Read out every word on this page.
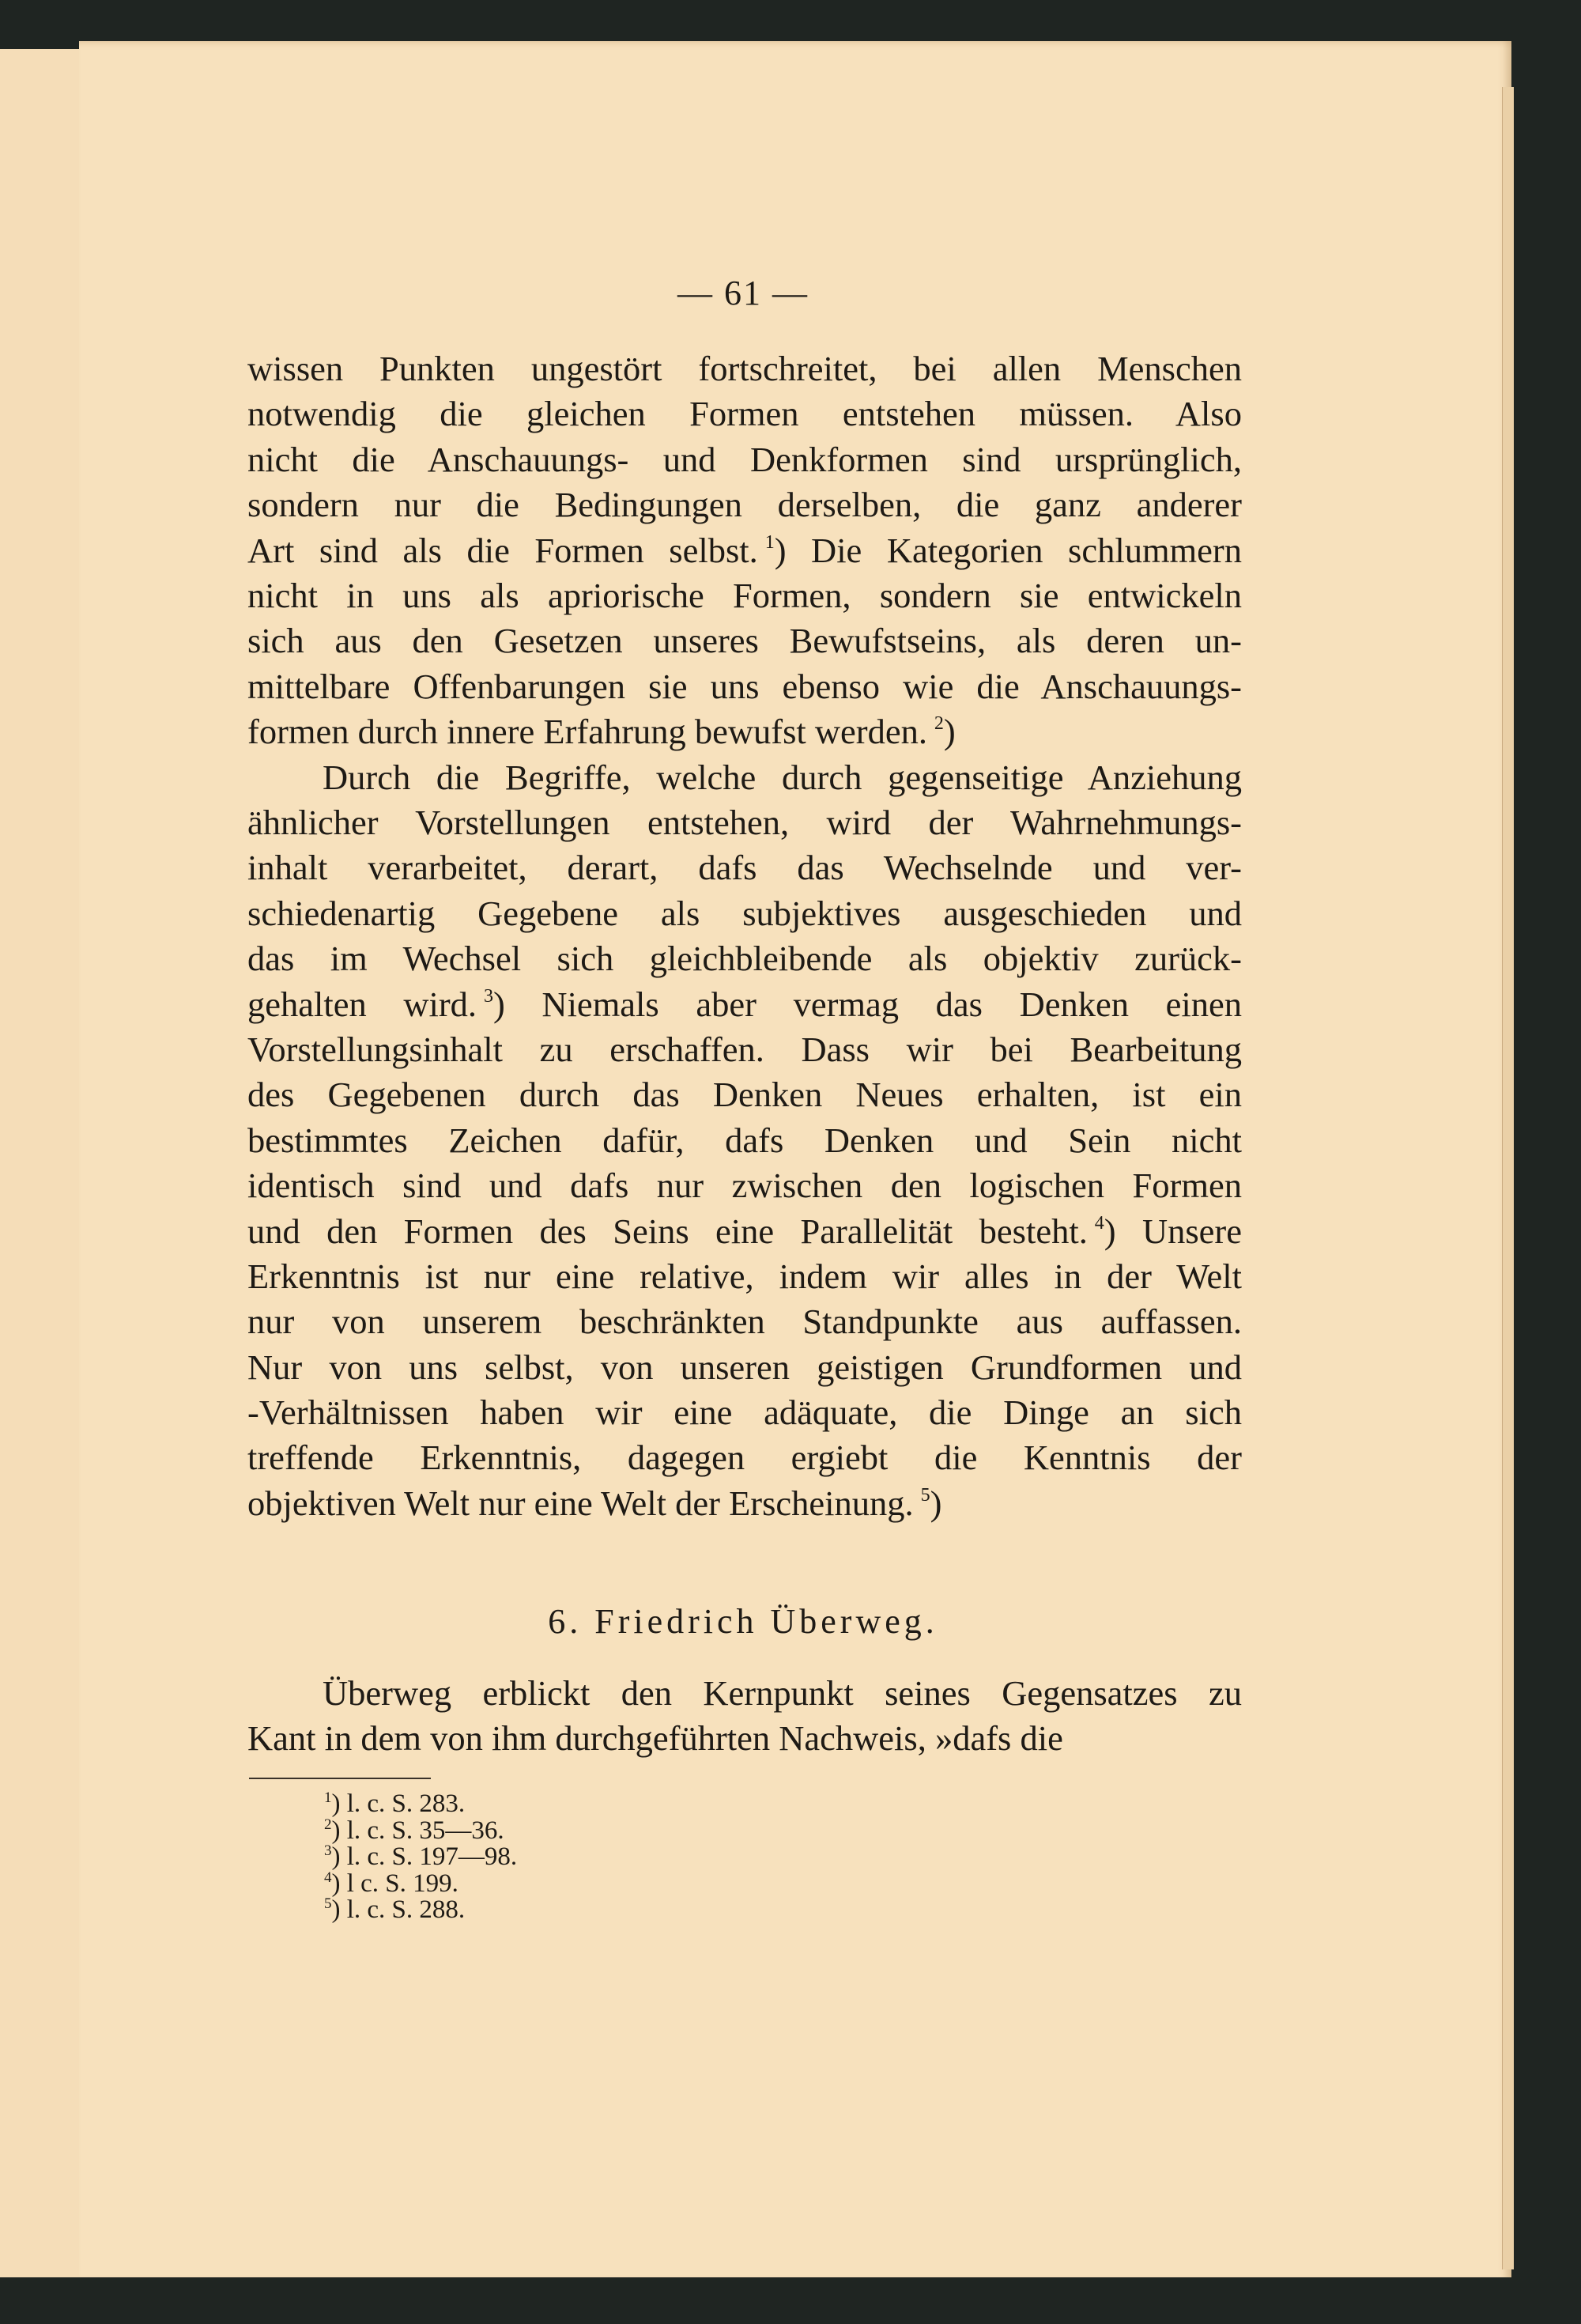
— 61 —
wissen Punkten ungestört fortschreitet, bei allen Menschen
notwendig die gleichen Formen entstehen müssen. Also
nicht die Anschauungs- und Denkformen sind ursprünglich,
sondern nur die Bedingungen derselben, die ganz anderer
Art sind als die Formen selbst.  $^1$) Die Kategorien schlummern
nicht in uns als apriorische Formen, sondern sie entwickeln
sich aus den Gesetzen unseres Bewufstseins, als deren un-
mittelbare Offenbarungen sie uns ebenso wie die Anschauungs-
formen durch innere Erfahrung bewufst werden.  $^2$)
Durch die Begriffe, welche durch gegenseitige Anziehung
ähnlicher Vorstellungen entstehen, wird der Wahrnehmungs-
inhalt verarbeitet, derart, dafs das Wechselnde und ver-
schiedenartig Gegebene als subjektives ausgeschieden und
das im Wechsel sich gleichbleibende als objektiv zurück-
gehalten wird.  $^3$) Niemals aber vermag das Denken einen
Vorstellungsinhalt zu erschaffen. Dass wir bei Bearbeitung
des Gegebenen durch das Denken Neues erhalten, ist ein
bestimmtes Zeichen dafür, dafs Denken und Sein nicht
identisch sind und dafs nur zwischen den logischen Formen
und den Formen des Seins eine Parallelität besteht.  $^4$) Unsere
Erkenntnis ist nur eine relative, indem wir alles in der Welt
nur von unserem beschränkten Standpunkte aus auffassen.
Nur von uns selbst, von unseren geistigen Grundformen und
-Verhältnissen haben wir eine adäquate, die Dinge an sich
treffende Erkenntnis, dagegen ergiebt die Kenntnis der
objektiven Welt nur eine Welt der Erscheinung.  $^5$)
6. Friedrich Überweg.
Überweg erblickt den Kernpunkt seines Gegensatzes zu
Kant in dem von ihm durchgeführten Nachweis, »dafs die
$^1$) l. c. S. 283.
$^2$) l. c. S. 35—36.
$^3$) l. c. S. 197—98.
$^4$) l c. S. 199.
$^5$) l. c. S. 288.
